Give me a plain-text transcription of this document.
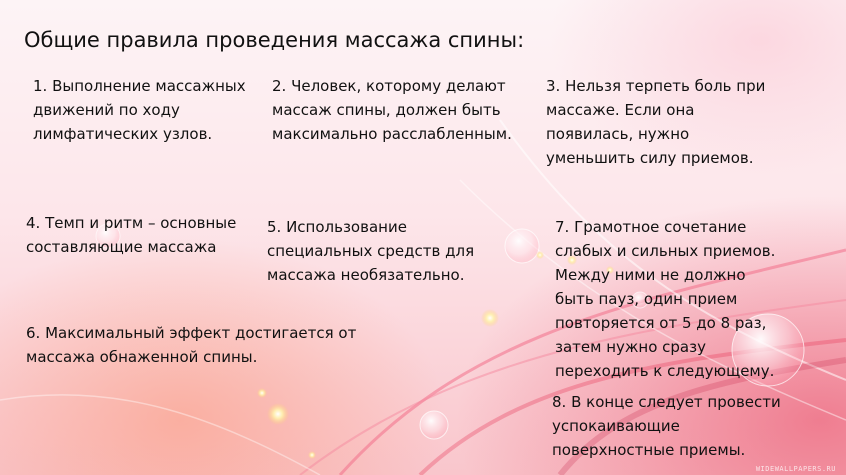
Общие правила проведения массажа спины:
1. Выполнение массажных
движений по ходу
лимфатических узлов.
2. Человек, которому делают
массаж спины, должен быть
максимально расслабленным.
3. Нельзя терпеть боль при
массаже. Если она
появилась, нужно
уменьшить силу приемов.
4. Темп и ритм – основные
составляющие массажа
5. Использование
специальных средств для
массажа необязательно.
6. Максимальный эффект достигается от
массажа обнаженной спины.
7. Грамотное сочетание
слабых и сильных приемов.
Между ними не должно
быть пауз, один прием
повторяется от 5 до 8 раз,
затем нужно сразу
переходить к следующему.
8. В конце следует провести
успокаивающие
поверхностные приемы.
WIDEWALLPAPERS.RU
